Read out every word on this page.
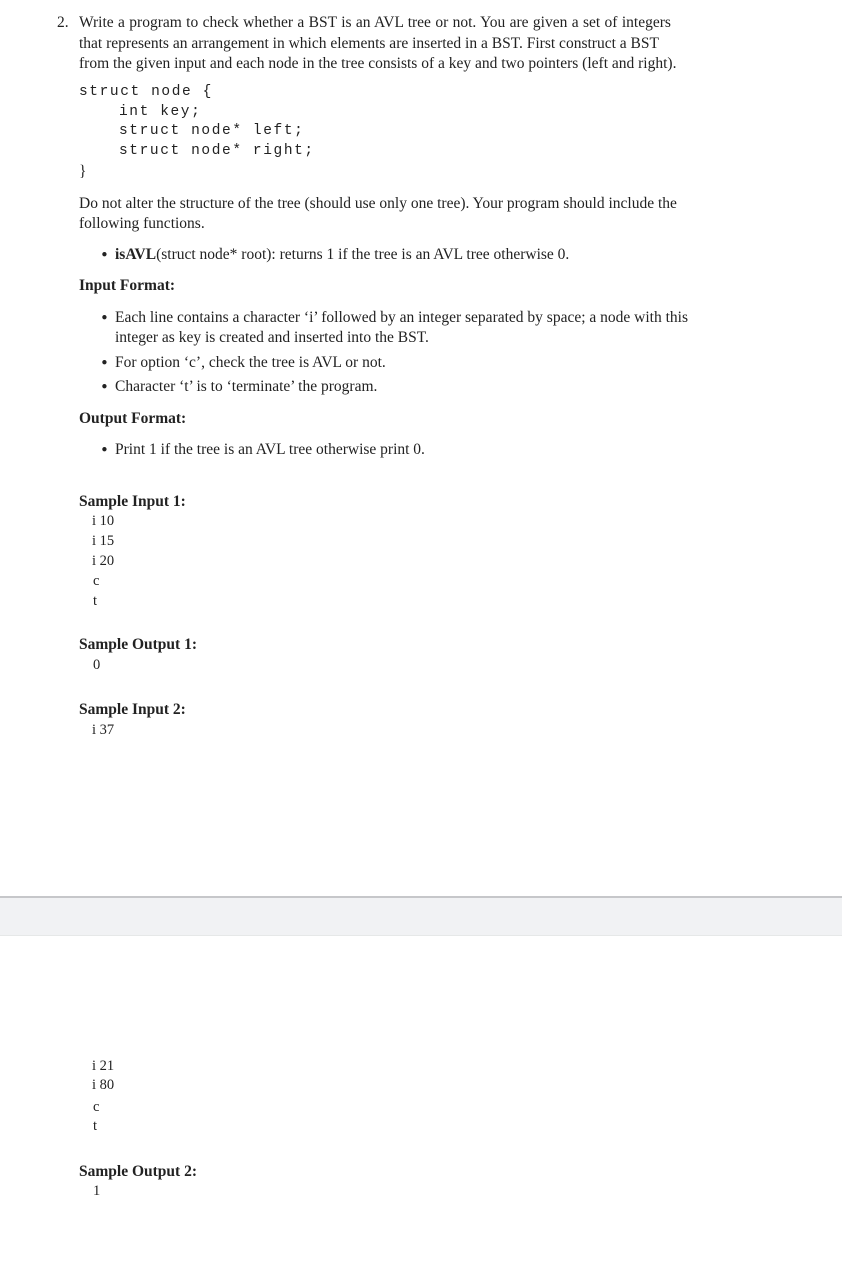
2. Write a program to check whether a BST is an AVL tree or not. You are given a set of integers
that represents an arrangement in which elements are inserted in a BST. First construct a BST
from the given input and each node in the tree consists of a key and two pointers (left and right).
struct node {
int key;
struct node* left;
struct node* right;
}
Do not alter the structure of the tree (should use only one tree). Your program should include the
following functions.
• isAVL(struct node* root): returns 1 if the tree is an AVL tree otherwise 0.
Input Format:
• Each line contains a character ‘i’ followed by an integer separated by space; a node with this
integer as key is created and inserted into the BST.
• For option ‘c’, check the tree is AVL or not.
• Character ‘t’ is to ‘terminate’ the program.
Output Format:
• Print 1 if the tree is an AVL tree otherwise print 0.
Sample Input 1:
i 10
i 15
i 20
c
t
Sample Output 1:
0
Sample Input 2:
i 37
i 21
i 80
c
t
Sample Output 2:
1
